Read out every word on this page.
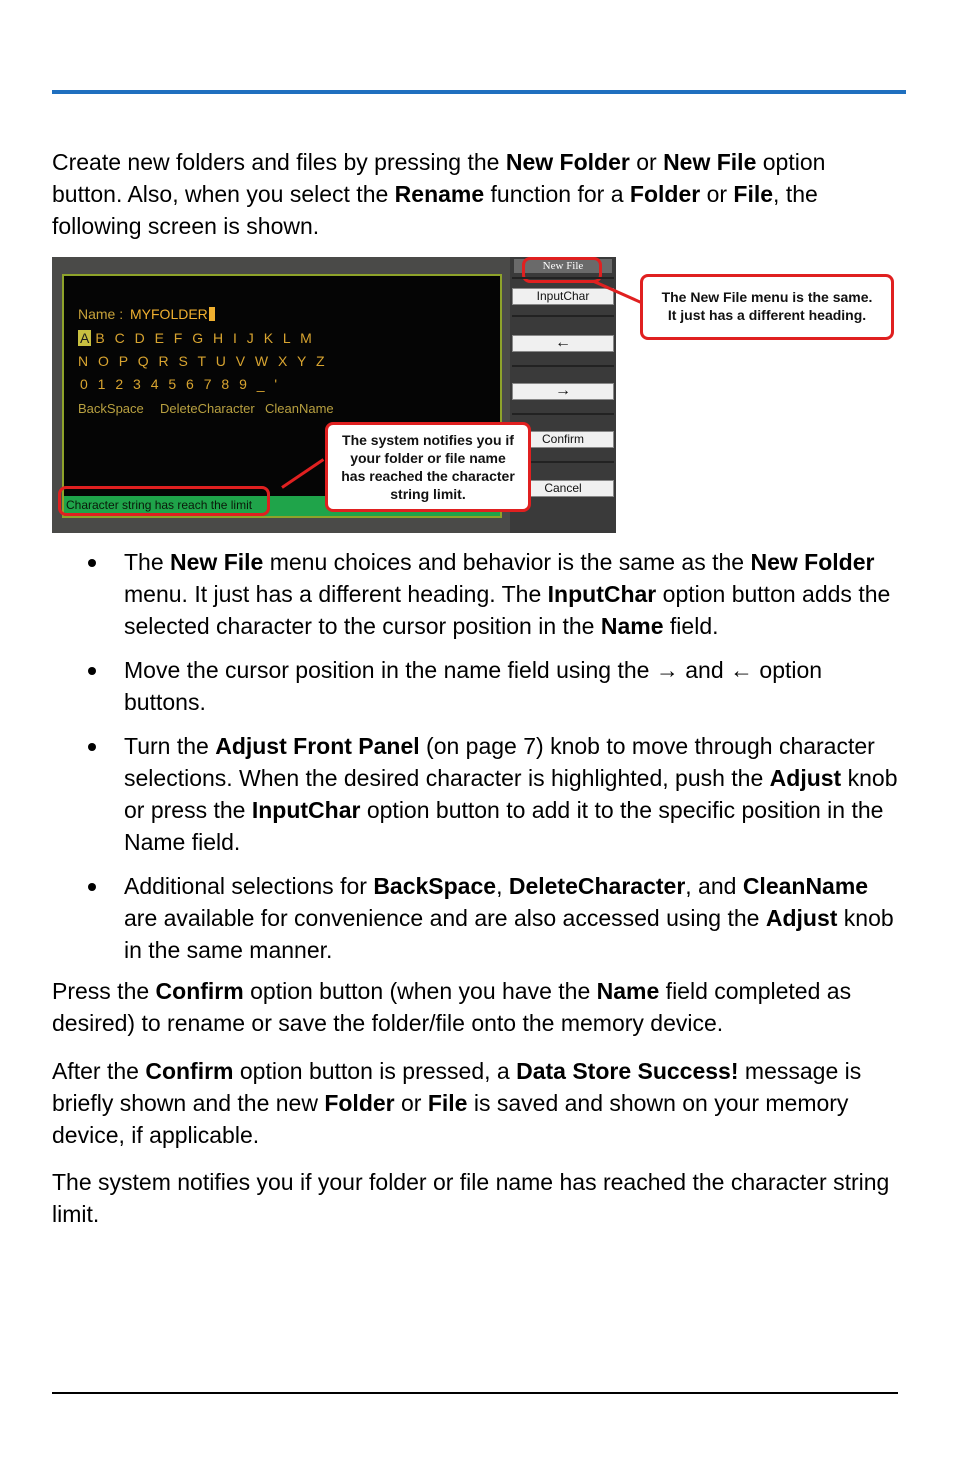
Create new folders and files by pressing the New Folder or New File option button. Also, when you select the Rename function for a Folder or File, the following screen is shown.

Name : MYFOLDER
A B C D E F G H I J K L M
N O P Q R S T U V W X Y Z
0 1 2 3 4 5 6 7 8 9 _ '
BackSpace DeleteCharacter CleanName
Character string has reach the limit
New File
InputChar
←
→
Confirm
Cancel
The New File menu is the same.
It just has a different heading.
The system notifies you if
your folder or file name
has reached the character
string limit.
The New File menu choices and behavior is the same as the New Folder menu. It just has a different heading. The InputChar option button adds the selected character to the cursor position in the Name field.
Move the cursor position in the name field using the → and ← option buttons.
Turn the Adjust Front Panel (on page 7) knob to move through character selections. When the desired character is highlighted, push the Adjust knob or press the InputChar option button to add it to the specific position in the Name field.
Additional selections for BackSpace, DeleteCharacter, and CleanName are available for convenience and are also accessed using the Adjust knob in the same manner.

Press the Confirm option button (when you have the Name field completed as desired) to rename or save the folder/file onto the memory device.

After the Confirm option button is pressed, a Data Store Success! message is briefly shown and the new Folder or File is saved and shown on your memory device, if applicable.

The system notifies you if your folder or file name has reached the character string limit.
